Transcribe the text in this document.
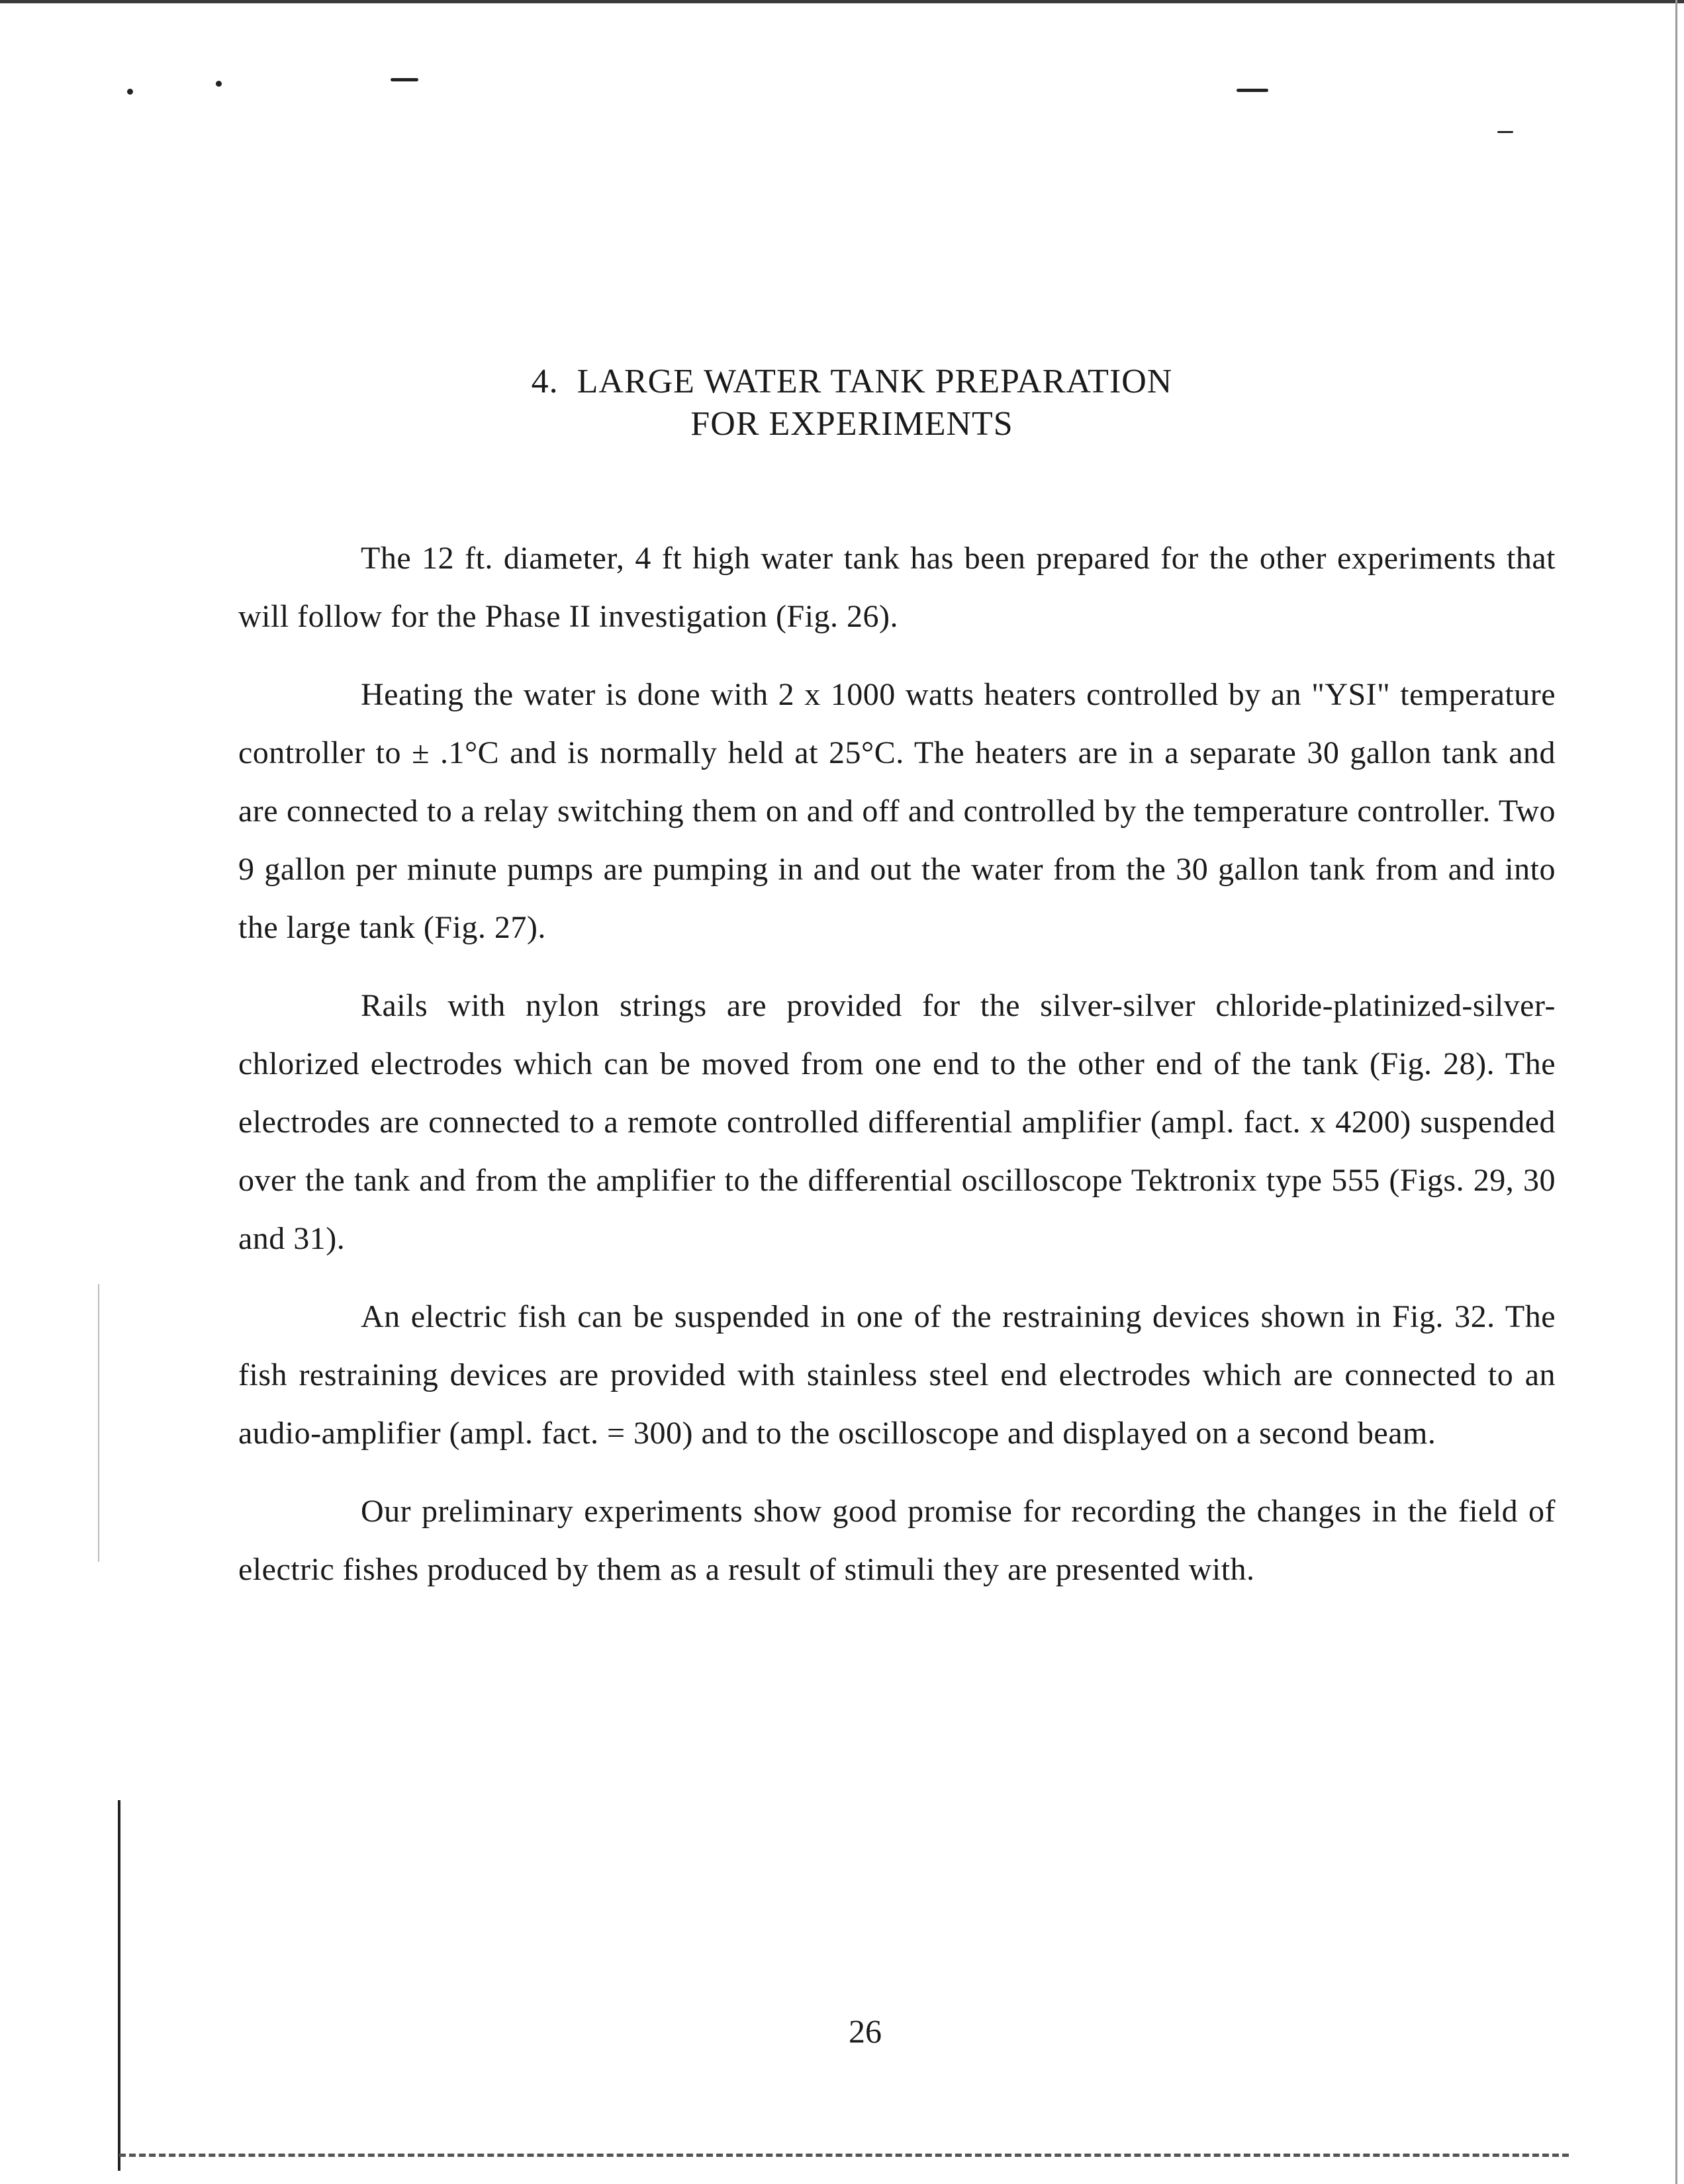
4. LARGE WATER TANK PREPARATION
FOR EXPERIMENTS

The 12 ft. diameter, 4 ft high water tank has been prepared for the other experiments that will follow for the Phase II investigation (Fig. 26).

Heating the water is done with 2 x 1000 watts heaters controlled by an "YSI" temperature controller to ± .1°C and is normally held at 25°C. The heaters are in a separate 30 gallon tank and are connected to a relay switching them on and off and controlled by the temperature controller. Two 9 gallon per minute pumps are pumping in and out the water from the 30 gallon tank from and into the large tank (Fig. 27).

Rails with nylon strings are provided for the silver-silver chloride-platinized-silver-chlorized electrodes which can be moved from one end to the other end of the tank (Fig. 28). The electrodes are connected to a remote controlled differential amplifier (ampl. fact. x 4200) suspended over the tank and from the amplifier to the differential oscilloscope Tektronix type 555 (Figs. 29, 30 and 31).

An electric fish can be suspended in one of the restraining devices shown in Fig. 32. The fish restraining devices are provided with stainless steel end electrodes which are connected to an audio-amplifier (ampl. fact. = 300) and to the oscilloscope and displayed on a second beam.

Our preliminary experiments show good promise for recording the changes in the field of electric fishes produced by them as a result of stimuli they are presented with.

26
